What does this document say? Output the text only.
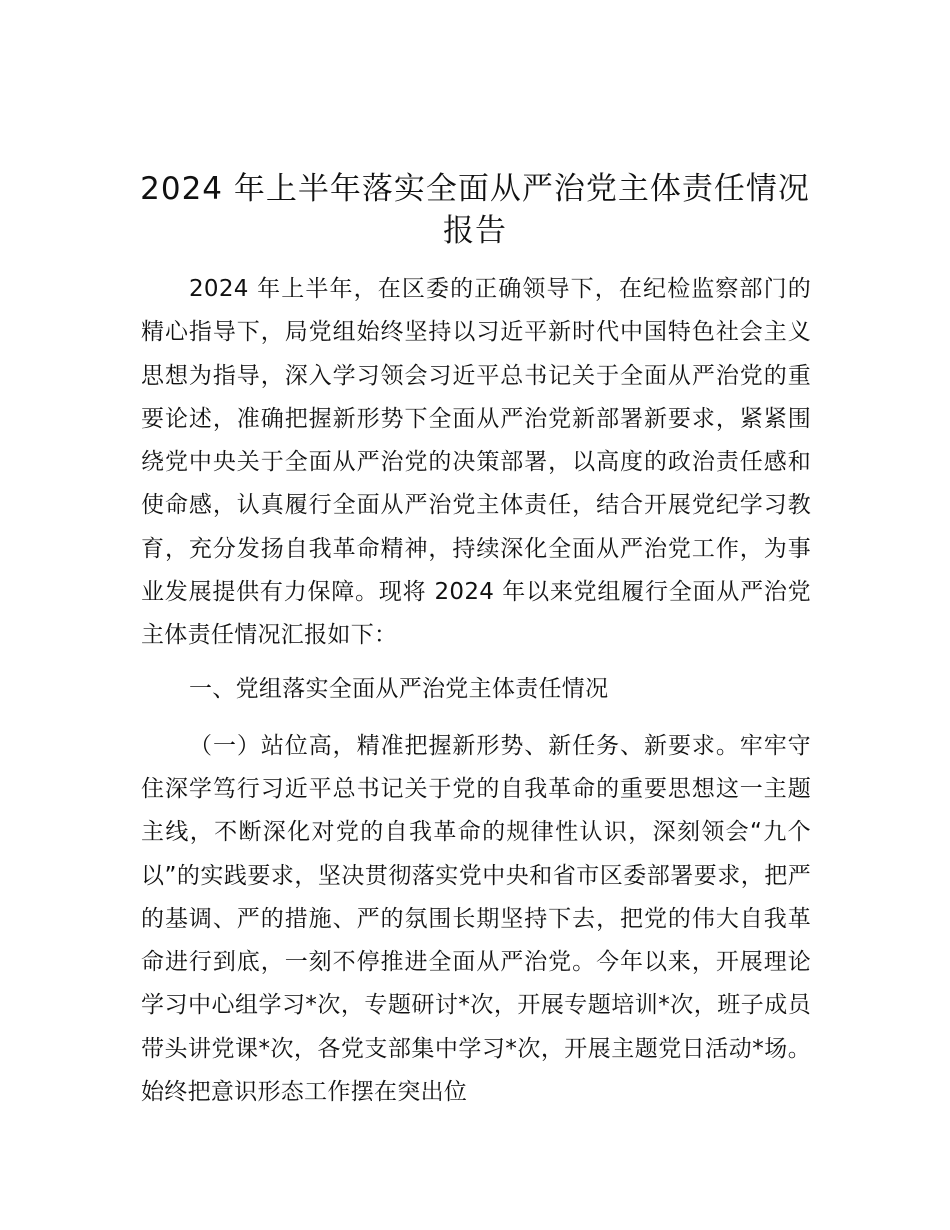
2024 年上半年落实全面从严治党主体责任情况报告

2024 年上半年，在区委的正确领导下，在纪检监察部门的精心指导下，局党组始终坚持以习近平新时代中国特色社会主义思想为指导，深入学习领会习近平总书记关于全面从严治党的重要论述，准确把握新形势下全面从严治党新部署新要求，紧紧围绕党中央关于全面从严治党的决策部署，以高度的政治责任感和使命感，认真履行全面从严治党主体责任，结合开展党纪学习教育，充分发扬自我革命精神，持续深化全面从严治党工作，为事业发展提供有力保障。现将 2024 年以来党组履行全面从严治党主体责任情况汇报如下：

一、党组落实全面从严治党主体责任情况

（一）站位高，精准把握新形势、新任务、新要求。牢牢守住深学笃行习近平总书记关于党的自我革命的重要思想这一主题主线，不断深化对党的自我革命的规律性认识，深刻领会“九个以”的实践要求，坚决贯彻落实党中央和省市区委部署要求，把严的基调、严的措施、严的氛围长期坚持下去，把党的伟大自我革命进行到底，一刻不停推进全面从严治党。今年以来，开展理论学习中心组学习*次，专题研讨*次，开展专题培训*次，班子成员带头讲党课*次，各党支部集中学习*次，开展主题党日活动*场。始终把意识形态工作摆在突出位
